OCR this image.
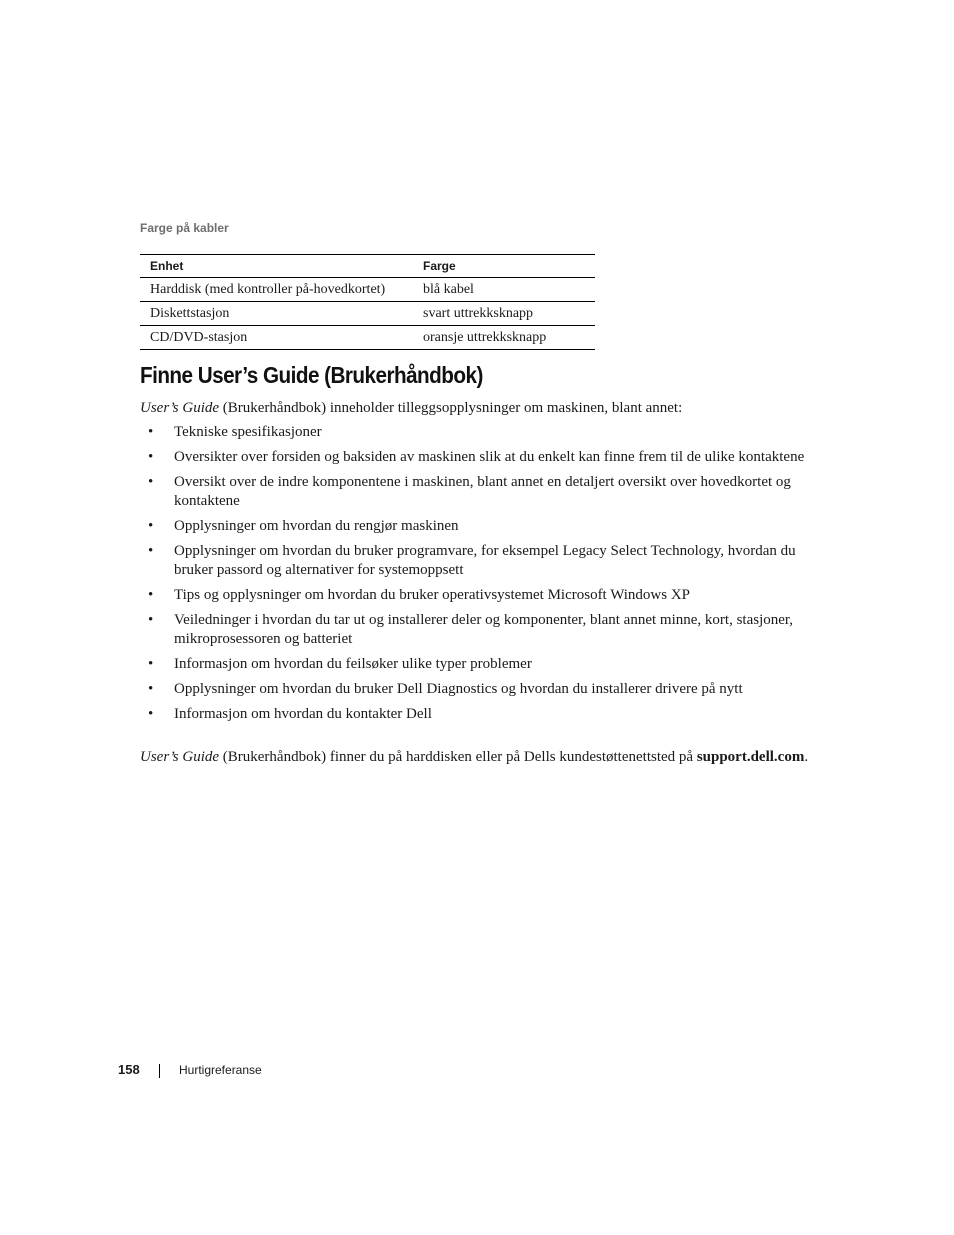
Farge på kabler
Enhet	Farge
Harddisk (med kontroller på-hovedkortet)	blå kabel
Diskettstasjon	svart uttrekksknapp
CD/DVD-stasjon	oransje uttrekksknapp
Finne User’s Guide (Brukerhåndbok)

User’s Guide (Brukerhåndbok) inneholder tilleggsopplysninger om maskinen, blant annet:

• Tekniske spesifikasjoner
• Oversikter over forsiden og baksiden av maskinen slik at du enkelt kan finne frem til de ulike kontaktene
• Oversikt over de indre komponentene i maskinen, blant annet en detaljert oversikt over hovedkortet og kontaktene
• Opplysninger om hvordan du rengjør maskinen
• Opplysninger om hvordan du bruker programvare, for eksempel Legacy Select Technology, hvordan du bruker passord og alternativer for systemoppsett
• Tips og opplysninger om hvordan du bruker operativsystemet Microsoft Windows XP
• Veiledninger i hvordan du tar ut og installerer deler og komponenter, blant annet minne, kort, stasjoner, mikroprosessoren og batteriet
• Informasjon om hvordan du feilsøker ulike typer problemer
• Opplysninger om hvordan du bruker Dell Diagnostics og hvordan du installerer drivere på nytt
• Informasjon om hvordan du kontakter Dell

User’s Guide (Brukerhåndbok) finner du på harddisken eller på Dells kundestøttenettsted på support.dell.com.

158	Hurtigreferanse
